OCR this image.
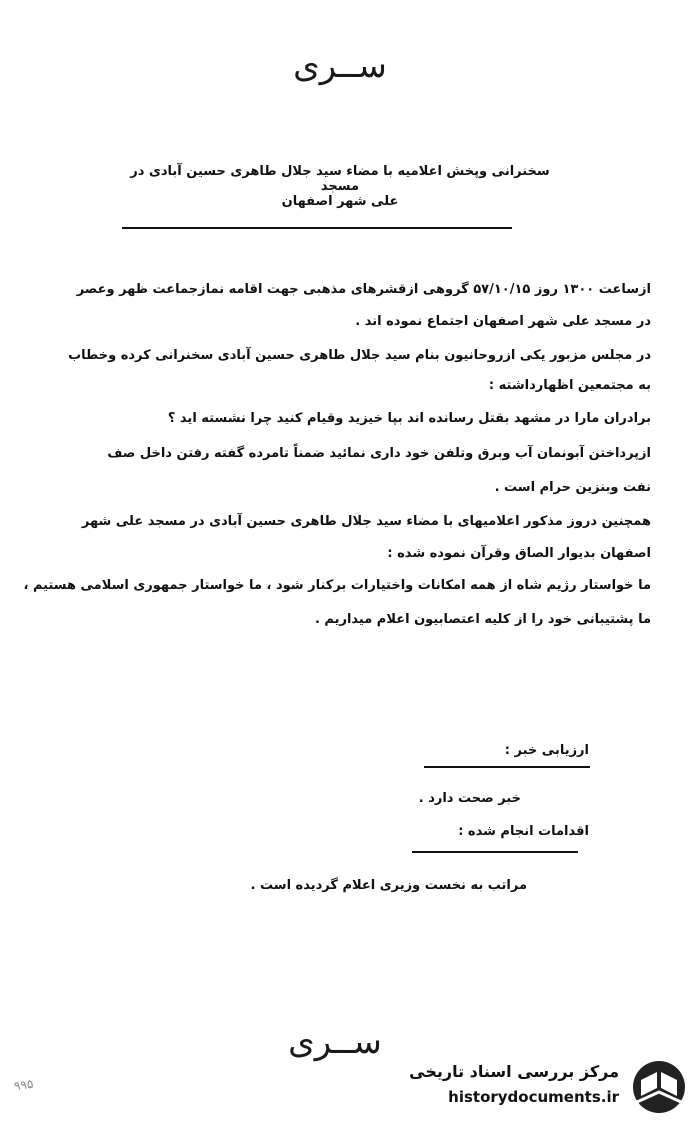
ســرى
سخنرانی وپخش اعلامیه با مضاء سید جلال طاهری حسین آبادی در مسجد
علی شهر اصفهان
ازساعت ۱۳۰۰ روز ۵۷/۱۰/۱۵ گروهی ازقشرهای مذهبی جهت اقامه نمازجماعت ظهر وعصر
در مسجد علی شهر اصفهان اجتماع نموده اند .
در مجلس مزبور یکی ازروحانیون بنام سید جلال طاهری حسین آبادی سخنرانی کرده وخطاب
به مجتمعین اظهارداشته :
برادران مارا در مشهد بقتل رسانده اند بپا خیزید وقیام کنید چرا نشسته اید ؟
ازپرداختن آبونمان آب وبرق وتلفن خود داری نمائید ضمناً تامرده گفته رفتن داخل صف
نفت وبنزین حرام است .
همچنین دروز مذکور اعلامیهای با مضاء سید جلال طاهری حسین آبادی در مسجد علی شهر
اصفهان بدیوار الصاق وقرآن نموده شده :
ما خواستار رژیم شاه از همه امکانات واختیارات برکنار شود ، ما خواستار جمهوری اسلامی هستیم ،
ما پشتیبانی خود را از کلیه اعتصابیون اعلام میداریم .
ارزیابی خبر :
خبر صحت دارد .
اقدامات انجام شده :
مراتب به نخست وزیری اعلام گردیده است .
ســرى
۹۹۵
مرکز بررسی اسناد تاریخی
historydocuments.ir
